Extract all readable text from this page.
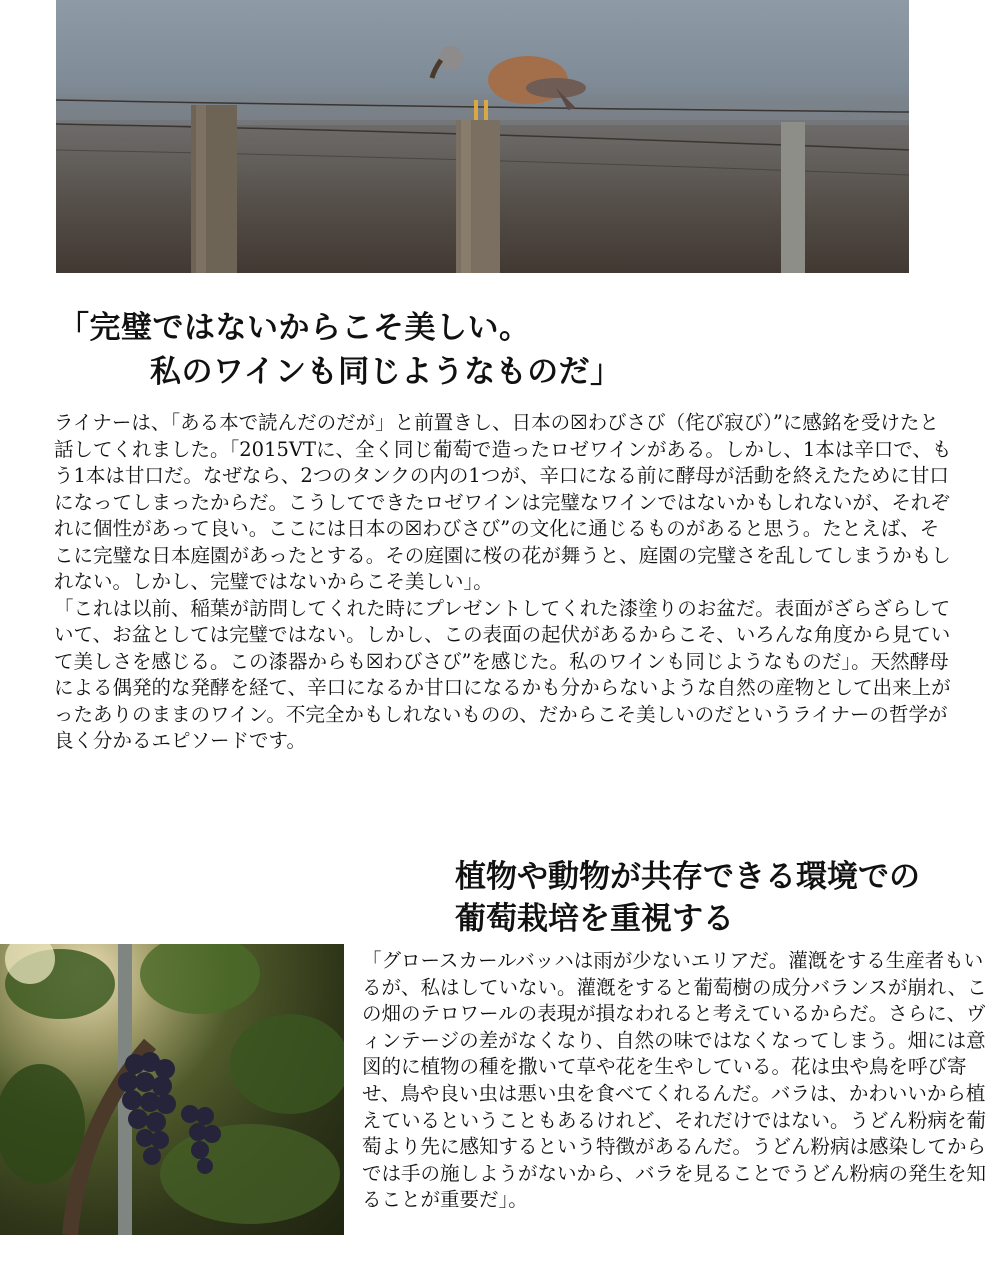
「完璧ではないからこそ美しい。
私のワインも同じようなものだ」

ライナーは、「ある本で読んだのだが」と前置きし、日本の☒わびさび（侘び寂び）”に感銘を受けたと話してくれました。「2015VTに、全く同じ葡萄で造ったロゼワインがある。しかし、1本は辛口で、もう1本は甘口だ。なぜなら、2つのタンクの内の1つが、辛口になる前に酵母が活動を終えたために甘口になってしまったからだ。こうしてできたロゼワインは完璧なワインではないかもしれないが、それぞれに個性があって良い。ここには日本の☒わびさび”の文化に通じるものがあると思う。たとえば、そこに完璧な日本庭園があったとする。その庭園に桜の花が舞うと、庭園の完璧さを乱してしまうかもしれない。しかし、完璧ではないからこそ美しい」。

「これは以前、稲葉が訪問してくれた時にプレゼントしてくれた漆塗りのお盆だ。表面がざらざらしていて、お盆としては完璧ではない。しかし、この表面の起伏があるからこそ、いろんな角度から見ていて美しさを感じる。この漆器からも☒わびさび”を感じた。私のワインも同じようなものだ」。天然酵母による偶発的な発酵を経て、辛口になるか甘口になるかも分からないような自然の産物として出来上がったありのままのワイン。不完全かもしれないものの、だからこそ美しいのだというライナーの哲学が良く分かるエピソードです。

植物や動物が共存できる環境での
葡萄栽培を重視する

「グロースカールバッハは雨が少ないエリアだ。灌漑をする生産者もいるが、私はしていない。灌漑をすると葡萄樹の成分バランスが崩れ、この畑のテロワールの表現が損なわれると考えているからだ。さらに、ヴィンテージの差がなくなり、自然の味ではなくなってしまう。畑には意図的に植物の種を撒いて草や花を生やしている。花は虫や鳥を呼び寄せ、鳥や良い虫は悪い虫を食べてくれるんだ。バラは、かわいいから植えているということもあるけれど、それだけではない。うどん粉病を葡萄より先に感知するという特徴があるんだ。うどん粉病は感染してからでは手の施しようがないから、バラを見ることでうどん粉病の発生を知ることが重要だ」。
